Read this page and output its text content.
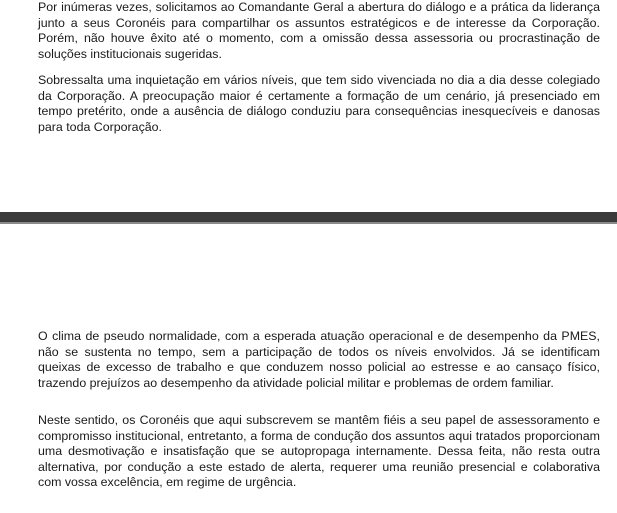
Por inúmeras vezes, solicitamos ao Comandante Geral a abertura do diálogo e a prática da liderança junto a seus Coronéis para compartilhar os assuntos estratégicos e de interesse da Corporação. Porém, não houve êxito até o momento, com a omissão dessa assessoria ou procrastinação de soluções institucionais sugeridas.

Sobressalta uma inquietação em vários níveis, que tem sido vivenciada no dia a dia desse colegiado da Corporação. A preocupação maior é certamente a formação de um cenário, já presenciado em tempo pretérito, onde a ausência de diálogo conduziu para consequências inesquecíveis e danosas para toda Corporação.

O clima de pseudo normalidade, com a esperada atuação operacional e de desempenho da PMES, não se sustenta no tempo, sem a participação de todos os níveis envolvidos. Já se identificam queixas de excesso de trabalho e que conduzem nosso policial ao estresse e ao cansaço físico, trazendo prejuízos ao desempenho da atividade policial militar e problemas de ordem familiar.

Neste sentido, os Coronéis que aqui subscrevem se mantêm fiéis a seu papel de assessoramento e compromisso institucional, entretanto, a forma de condução dos assuntos aqui tratados proporcionam uma desmotivação e insatisfação que se autopropaga internamente. Dessa feita, não resta outra alternativa, por condução a este estado de alerta, requerer uma reunião presencial e colaborativa com vossa excelência, em regime de urgência.
